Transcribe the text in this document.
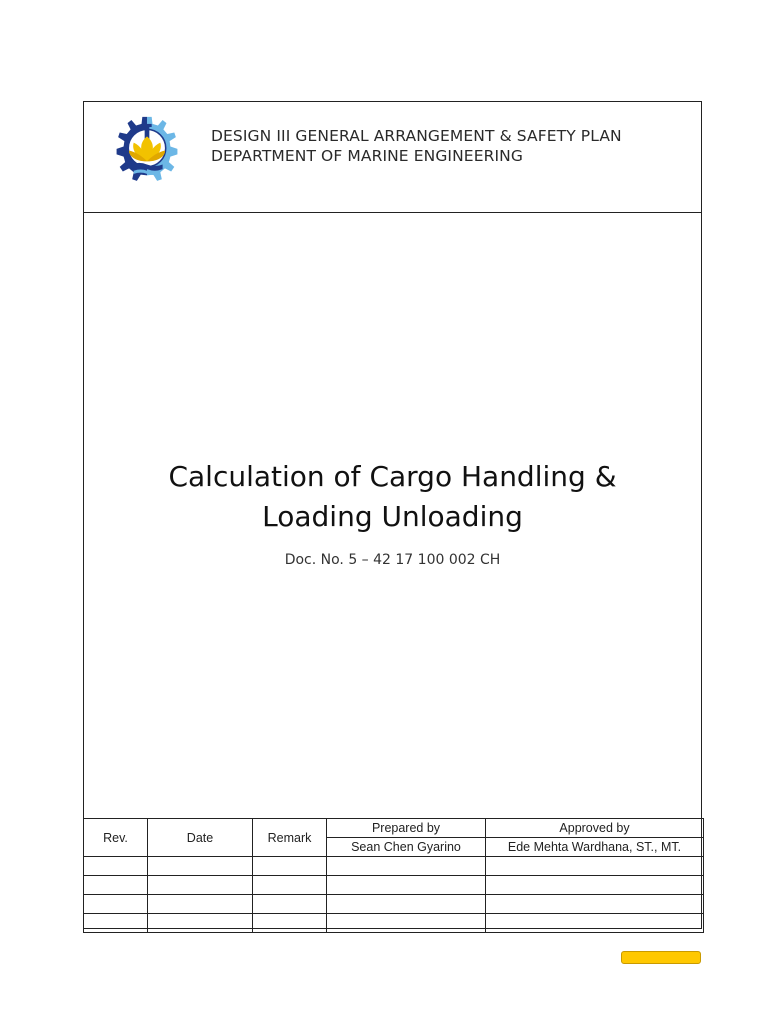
DESIGN III GENERAL ARRANGEMENT & SAFETY PLAN
DEPARTMENT OF MARINE ENGINEERING
Calculation of Cargo Handling &
Loading Unloading
Doc. No. 5 – 42 17 100 002 CH
Rev.	Date	Remark	Prepared by	Approved by
			Sean Chen Gyarino	Ede Mehta Wardhana, ST., MT.
